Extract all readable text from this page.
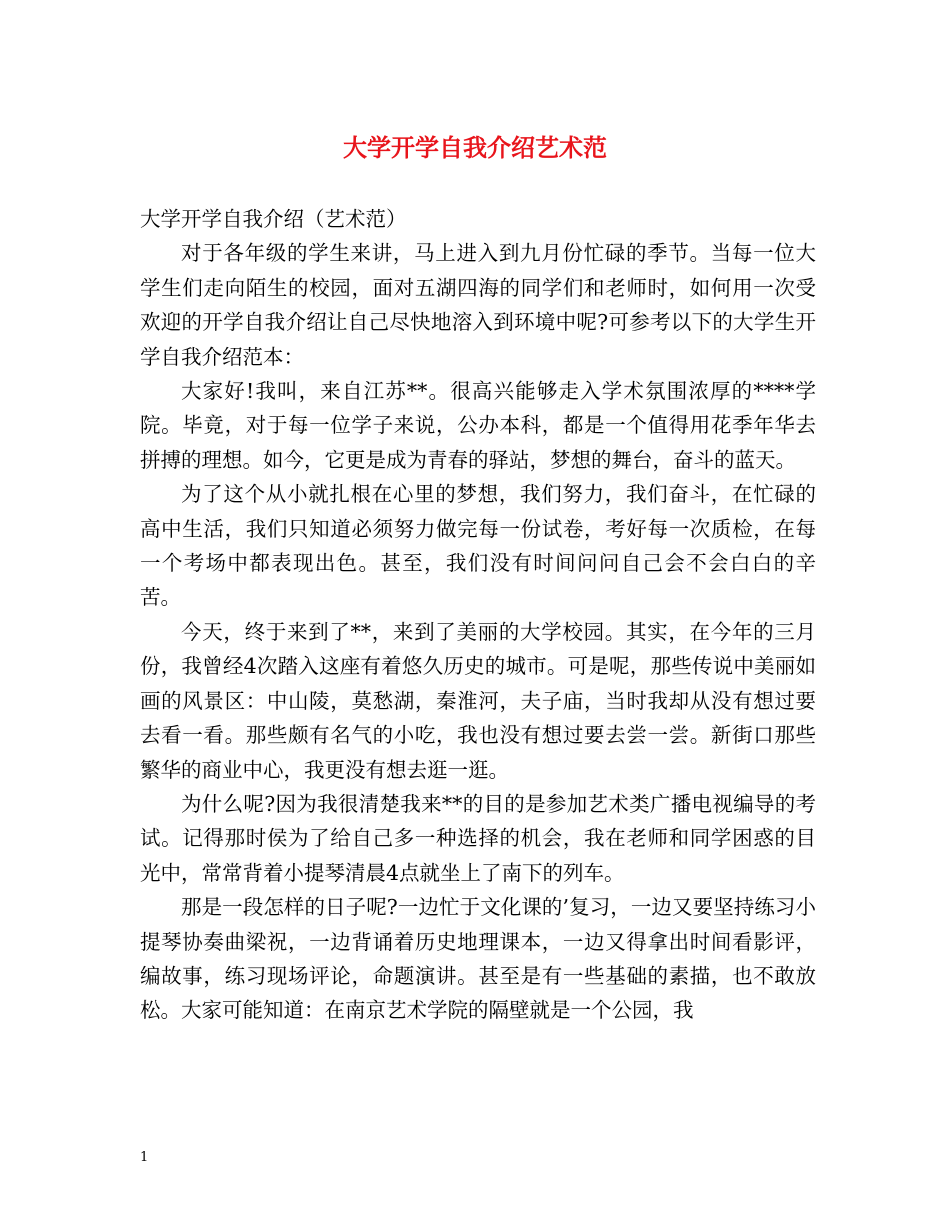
大学开学自我介绍艺术范

大学开学自我介绍（艺术范）

对于各年级的学生来讲，马上进入到九月份忙碌的季节。当每一位大学生们走向陌生的校园，面对五湖四海的同学们和老师时，如何用一次受欢迎的开学自我介绍让自己尽快地溶入到环境中呢?可参考以下的大学生开学自我介绍范本：

大家好!我叫，来自江苏**。很高兴能够走入学术氛围浓厚的****学院。毕竟，对于每一位学子来说，公办本科，都是一个值得用花季年华去拼搏的理想。如今，它更是成为青春的驿站，梦想的舞台，奋斗的蓝天。

为了这个从小就扎根在心里的梦想，我们努力，我们奋斗，在忙碌的高中生活，我们只知道必须努力做完每一份试卷，考好每一次质检，在每一个考场中都表现出色。甚至，我们没有时间问问自己会不会白白的辛苦。

今天，终于来到了**，来到了美丽的大学校园。其实，在今年的三月份，我曾经4次踏入这座有着悠久历史的城市。可是呢，那些传说中美丽如画的风景区：中山陵，莫愁湖，秦淮河，夫子庙，当时我却从没有想过要去看一看。那些颇有名气的小吃，我也没有想过要去尝一尝。新街口那些繁华的商业中心，我更没有想去逛一逛。

为什么呢?因为我很清楚我来**的目的是参加艺术类广播电视编导的考试。记得那时侯为了给自己多一种选择的机会，我在老师和同学困惑的目光中，常常背着小提琴清晨4点就坐上了南下的列车。

那是一段怎样的日子呢?一边忙于文化课的’复习，一边又要坚持练习小提琴协奏曲梁祝，一边背诵着历史地理课本，一边又得拿出时间看影评，编故事，练习现场评论，命题演讲。甚至是有一些基础的素描，也不敢放松。大家可能知道：在南京艺术学院的隔壁就是一个公园，我

1
